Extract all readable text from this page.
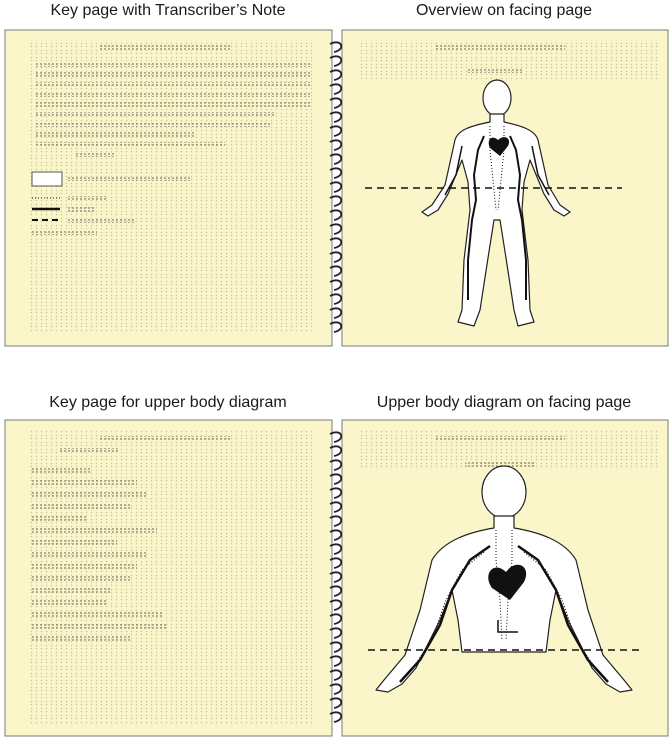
Key page with Transcriber’s Note	Overview on facing page

Key page for upper body diagram	Upper body diagram on facing page
